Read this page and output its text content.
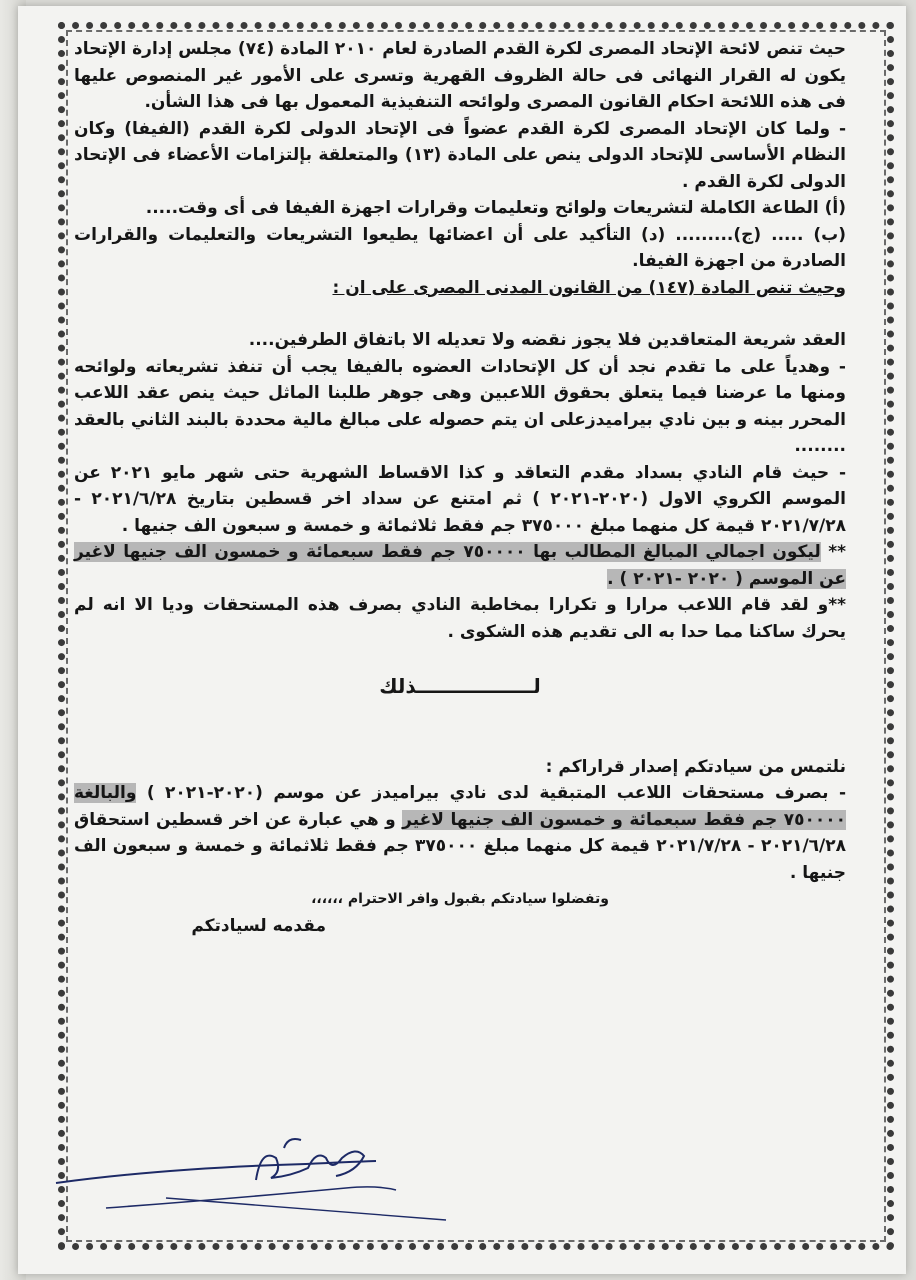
حيث تنص لائحة الإتحاد المصرى لكرة القدم الصادرة لعام ٢٠١٠ المادة (٧٤) مجلس إدارة الإتحاد يكون له القرار النهائى فى حالة الظروف القهرية وتسرى على الأمور غير المنصوص عليها فى هذه اللائحة احكام القانون المصرى ولوائحه التنفيذية المعمول بها فى هذا الشأن.

- ولما كان الإتحاد المصرى لكرة القدم عضواً فى الإتحاد الدولى لكرة القدم (الفيفا) وكان النظام الأساسى للإتحاد الدولى ينص على المادة (١٣) والمتعلقة بإلتزامات الأعضاء فى الإتحاد الدولى لكرة القدم .

(أ) الطاعة الكاملة لتشريعات ولوائح وتعليمات وقرارات اجهزة الفيفا فى أى وقت.....

(ب) ..... (ج)......... (د) التأكيد على أن اعضائها يطيعوا التشريعات والتعليمات والقرارات الصادرة من اجهزة الفيفا.

وحيث تنص المادة (١٤٧) من القانون المدنى المصرى على ان :

العقد شريعة المتعاقدين فلا يجوز نقضه ولا تعديله الا باتفاق الطرفين....

- وهدياً على ما تقدم نجد أن كل الإتحادات العضوه بالفيفا يجب أن تنفذ تشريعاته ولوائحه ومنها ما عرضنا فيما يتعلق بحقوق اللاعبين وهى جوهر طلبنا الماثل حيث ينص عقد اللاعب المحرر بينه و بين نادي بيراميدزعلى ان يتم حصوله على مبالغ مالية محددة بالبند الثاني بالعقد ........

- حيث قام النادي بسداد مقدم التعاقد و كذا الاقساط الشهرية حتى شهر مايو ٢٠٢١ عن الموسم الكروي الاول (٢٠٢٠-٢٠٢١ ) ثم امتنع عن سداد اخر قسطين بتاريخ ٢٠٢١/٦/٢٨ - ٢٠٢١/٧/٢٨ قيمة كل منهما مبلغ ٣٧٥٠٠٠ جم فقط ثلاثمائة و خمسة و سبعون الف جنيها .

** ليكون اجمالي المبالغ المطالب بها ٧٥٠٠٠٠ جم فقط سبعمائة و خمسون الف جنيها لاغير عن الموسم ( ٢٠٢٠ -٢٠٢١ ) .

**و لقد قام اللاعب مرارا و تكرارا بمخاطبة النادي بصرف هذه المستحقات وديا الا انه لم يحرك ساكنا مما حدا به الى تقديم هذه الشكوى .

لـــــــــــــــــذلك

نلتمس من سيادتكم إصدار قراراكم :

- بصرف مستحقات اللاعب المتبقية لدى نادي بيراميدز عن موسم (٢٠٢٠-٢٠٢١ ) والبالغة ٧٥٠٠٠٠ جم فقط سبعمائة و خمسون الف جنيها لاغير و هي عبارة عن اخر قسطين استحقاق ٢٠٢١/٦/٢٨ - ٢٠٢١/٧/٢٨ قيمة كل منهما مبلغ ٣٧٥٠٠٠ جم فقط ثلاثمائة و خمسة و سبعون الف جنيها .

وتفضلوا سيادتكم بقبول وافر الاحترام ،،،،،،

مقدمه لسيادتكم
